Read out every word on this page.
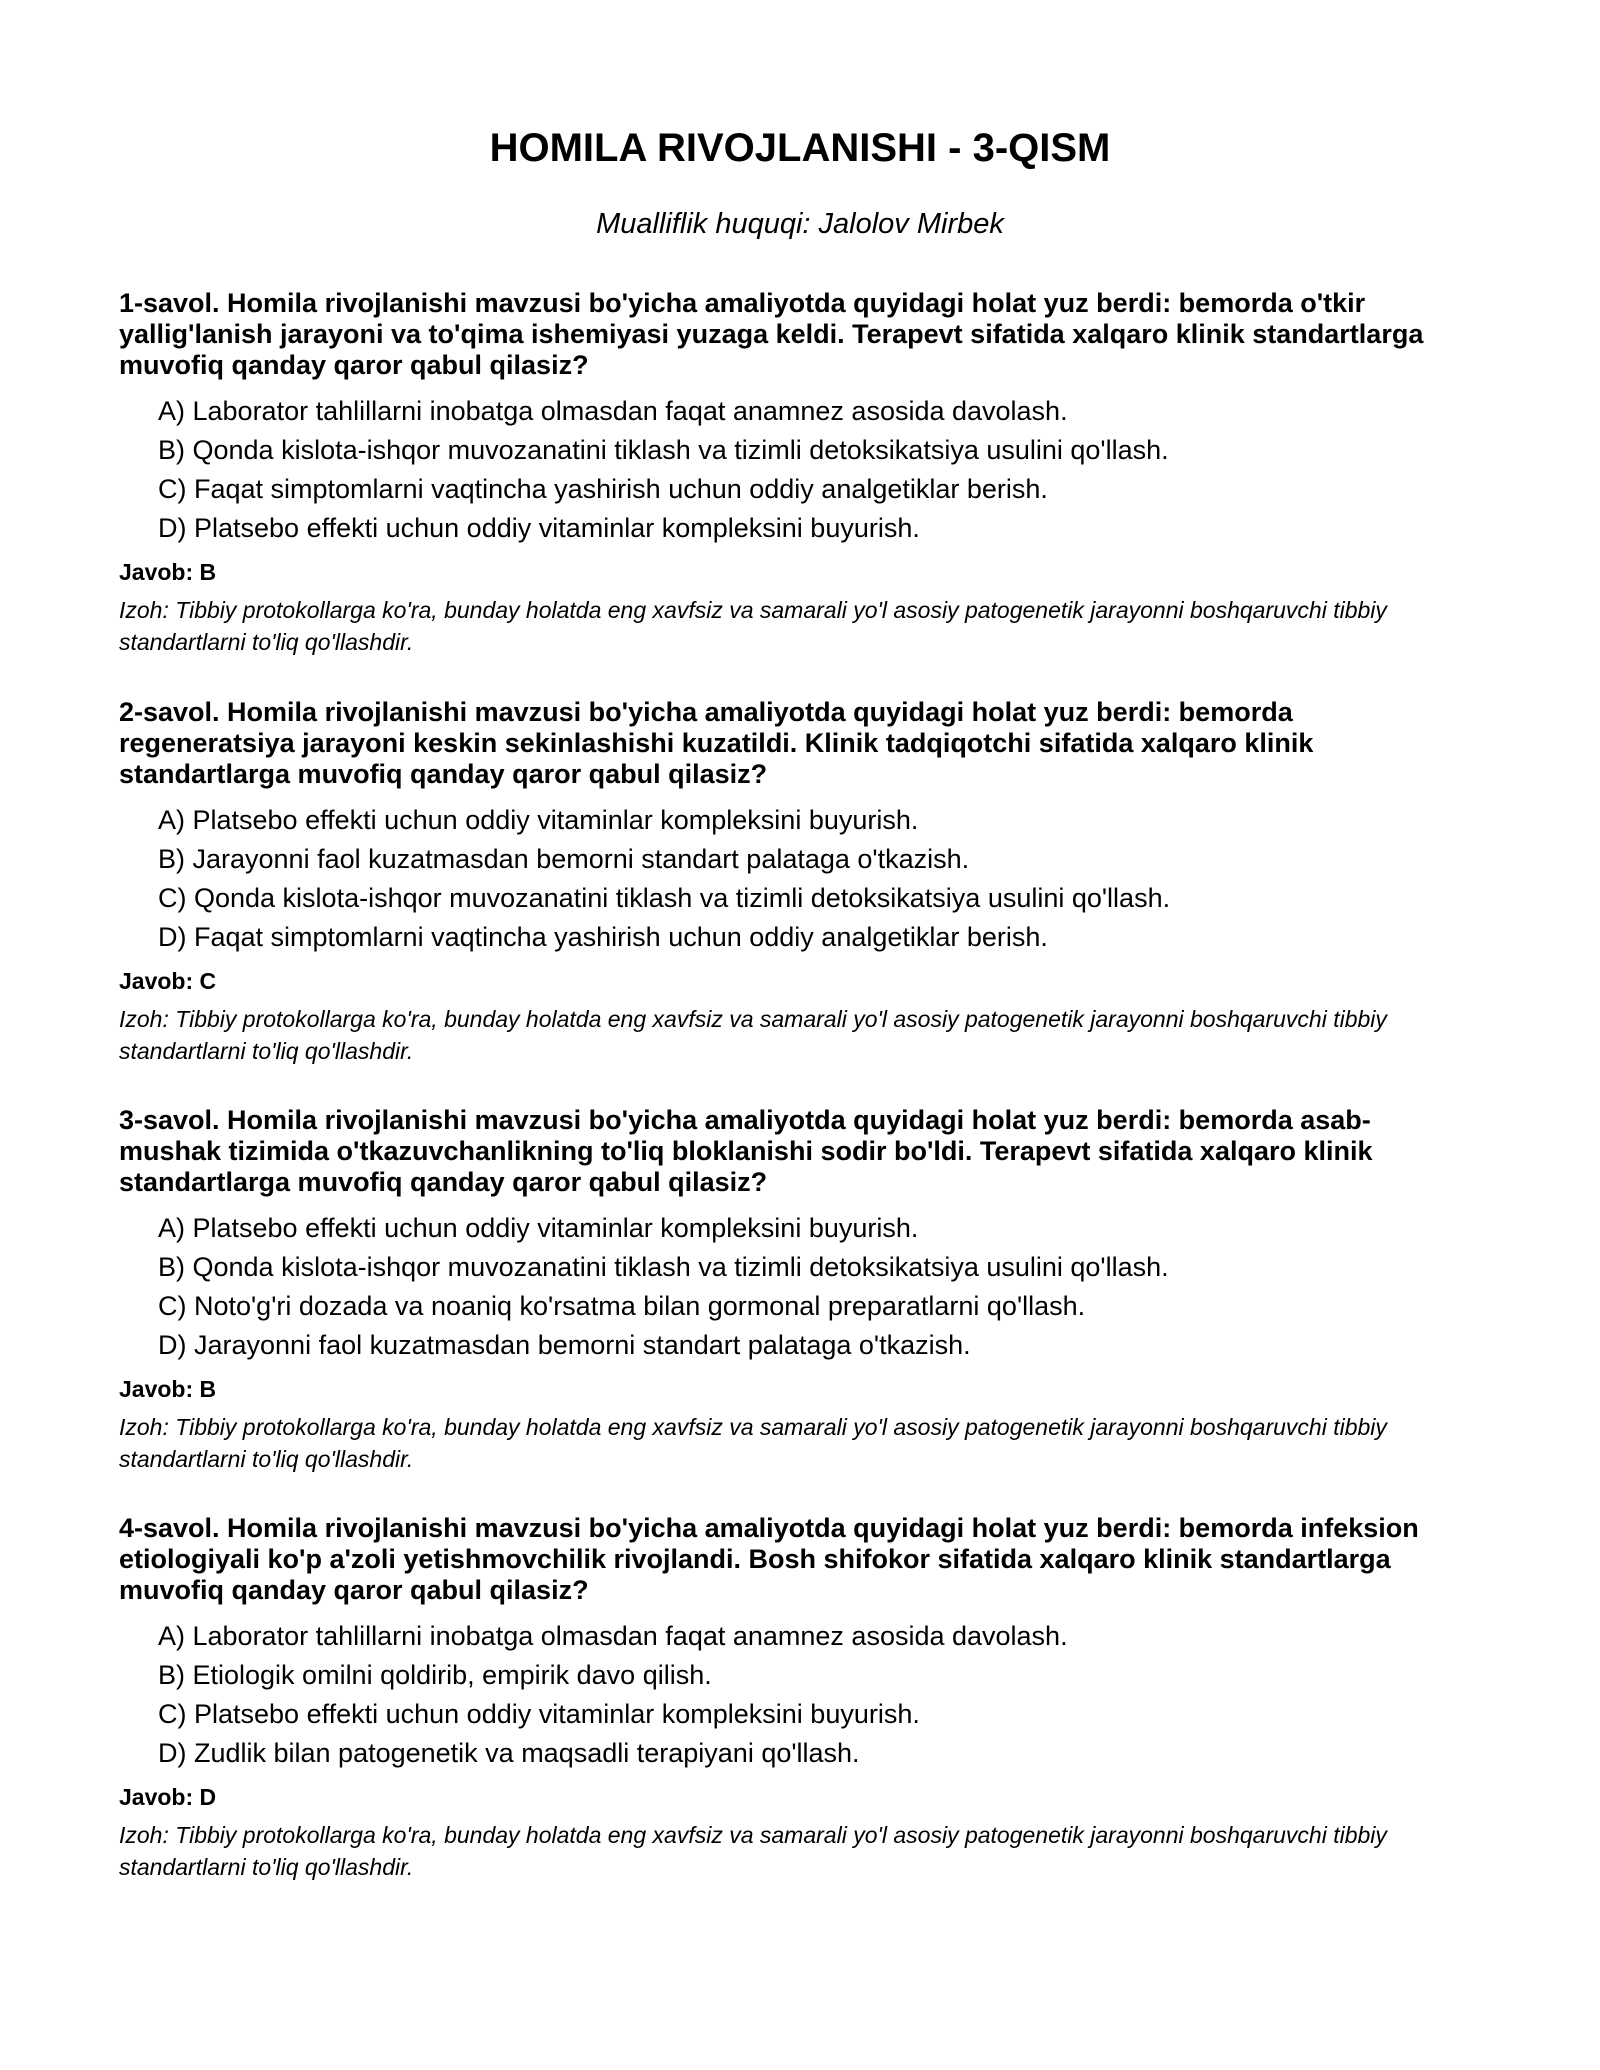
HOMILA RIVOJLANISHI - 3-QISM

Mualliflik huquqi: Jalolov Mirbek

1-savol. Homila rivojlanishi mavzusi bo'yicha amaliyotda quyidagi holat yuz berdi: bemorda o'tkir yallig'lanish jarayoni va to'qima ishemiyasi yuzaga keldi. Terapevt sifatida xalqaro klinik standartlarga muvofiq qanday qaror qabul qilasiz?

A) Laborator tahlillarni inobatga olmasdan faqat anamnez asosida davolash.
B) Qonda kislota-ishqor muvozanatini tiklash va tizimli detoksikatsiya usulini qo'llash.
C) Faqat simptomlarni vaqtincha yashirish uchun oddiy analgetiklar berish.
D) Platsebo effekti uchun oddiy vitaminlar kompleksini buyurish.
Javob: B
Izoh: Tibbiy protokollarga ko'ra, bunday holatda eng xavfsiz va samarali yo'l asosiy patogenetik jarayonni boshqaruvchi tibbiy standartlarni to'liq qo'llashdir.

2-savol. Homila rivojlanishi mavzusi bo'yicha amaliyotda quyidagi holat yuz berdi: bemorda regeneratsiya jarayoni keskin sekinlashishi kuzatildi. Klinik tadqiqotchi sifatida xalqaro klinik standartlarga muvofiq qanday qaror qabul qilasiz?

A) Platsebo effekti uchun oddiy vitaminlar kompleksini buyurish.
B) Jarayonni faol kuzatmasdan bemorni standart palataga o'tkazish.
C) Qonda kislota-ishqor muvozanatini tiklash va tizimli detoksikatsiya usulini qo'llash.
D) Faqat simptomlarni vaqtincha yashirish uchun oddiy analgetiklar berish.
Javob: C
Izoh: Tibbiy protokollarga ko'ra, bunday holatda eng xavfsiz va samarali yo'l asosiy patogenetik jarayonni boshqaruvchi tibbiy standartlarni to'liq qo'llashdir.

3-savol. Homila rivojlanishi mavzusi bo'yicha amaliyotda quyidagi holat yuz berdi: bemorda asab-mushak tizimida o'tkazuvchanlikning to'liq bloklanishi sodir bo'ldi. Terapevt sifatida xalqaro klinik standartlarga muvofiq qanday qaror qabul qilasiz?

A) Platsebo effekti uchun oddiy vitaminlar kompleksini buyurish.
B) Qonda kislota-ishqor muvozanatini tiklash va tizimli detoksikatsiya usulini qo'llash.
C) Noto'g'ri dozada va noaniq ko'rsatma bilan gormonal preparatlarni qo'llash.
D) Jarayonni faol kuzatmasdan bemorni standart palataga o'tkazish.
Javob: B
Izoh: Tibbiy protokollarga ko'ra, bunday holatda eng xavfsiz va samarali yo'l asosiy patogenetik jarayonni boshqaruvchi tibbiy standartlarni to'liq qo'llashdir.

4-savol. Homila rivojlanishi mavzusi bo'yicha amaliyotda quyidagi holat yuz berdi: bemorda infeksion etiologiyali ko'p a'zoli yetishmovchilik rivojlandi. Bosh shifokor sifatida xalqaro klinik standartlarga muvofiq qanday qaror qabul qilasiz?

A) Laborator tahlillarni inobatga olmasdan faqat anamnez asosida davolash.
B) Etiologik omilni qoldirib, empirik davo qilish.
C) Platsebo effekti uchun oddiy vitaminlar kompleksini buyurish.
D) Zudlik bilan patogenetik va maqsadli terapiyani qo'llash.
Javob: D
Izoh: Tibbiy protokollarga ko'ra, bunday holatda eng xavfsiz va samarali yo'l asosiy patogenetik jarayonni boshqaruvchi tibbiy standartlarni to'liq qo'llashdir.
